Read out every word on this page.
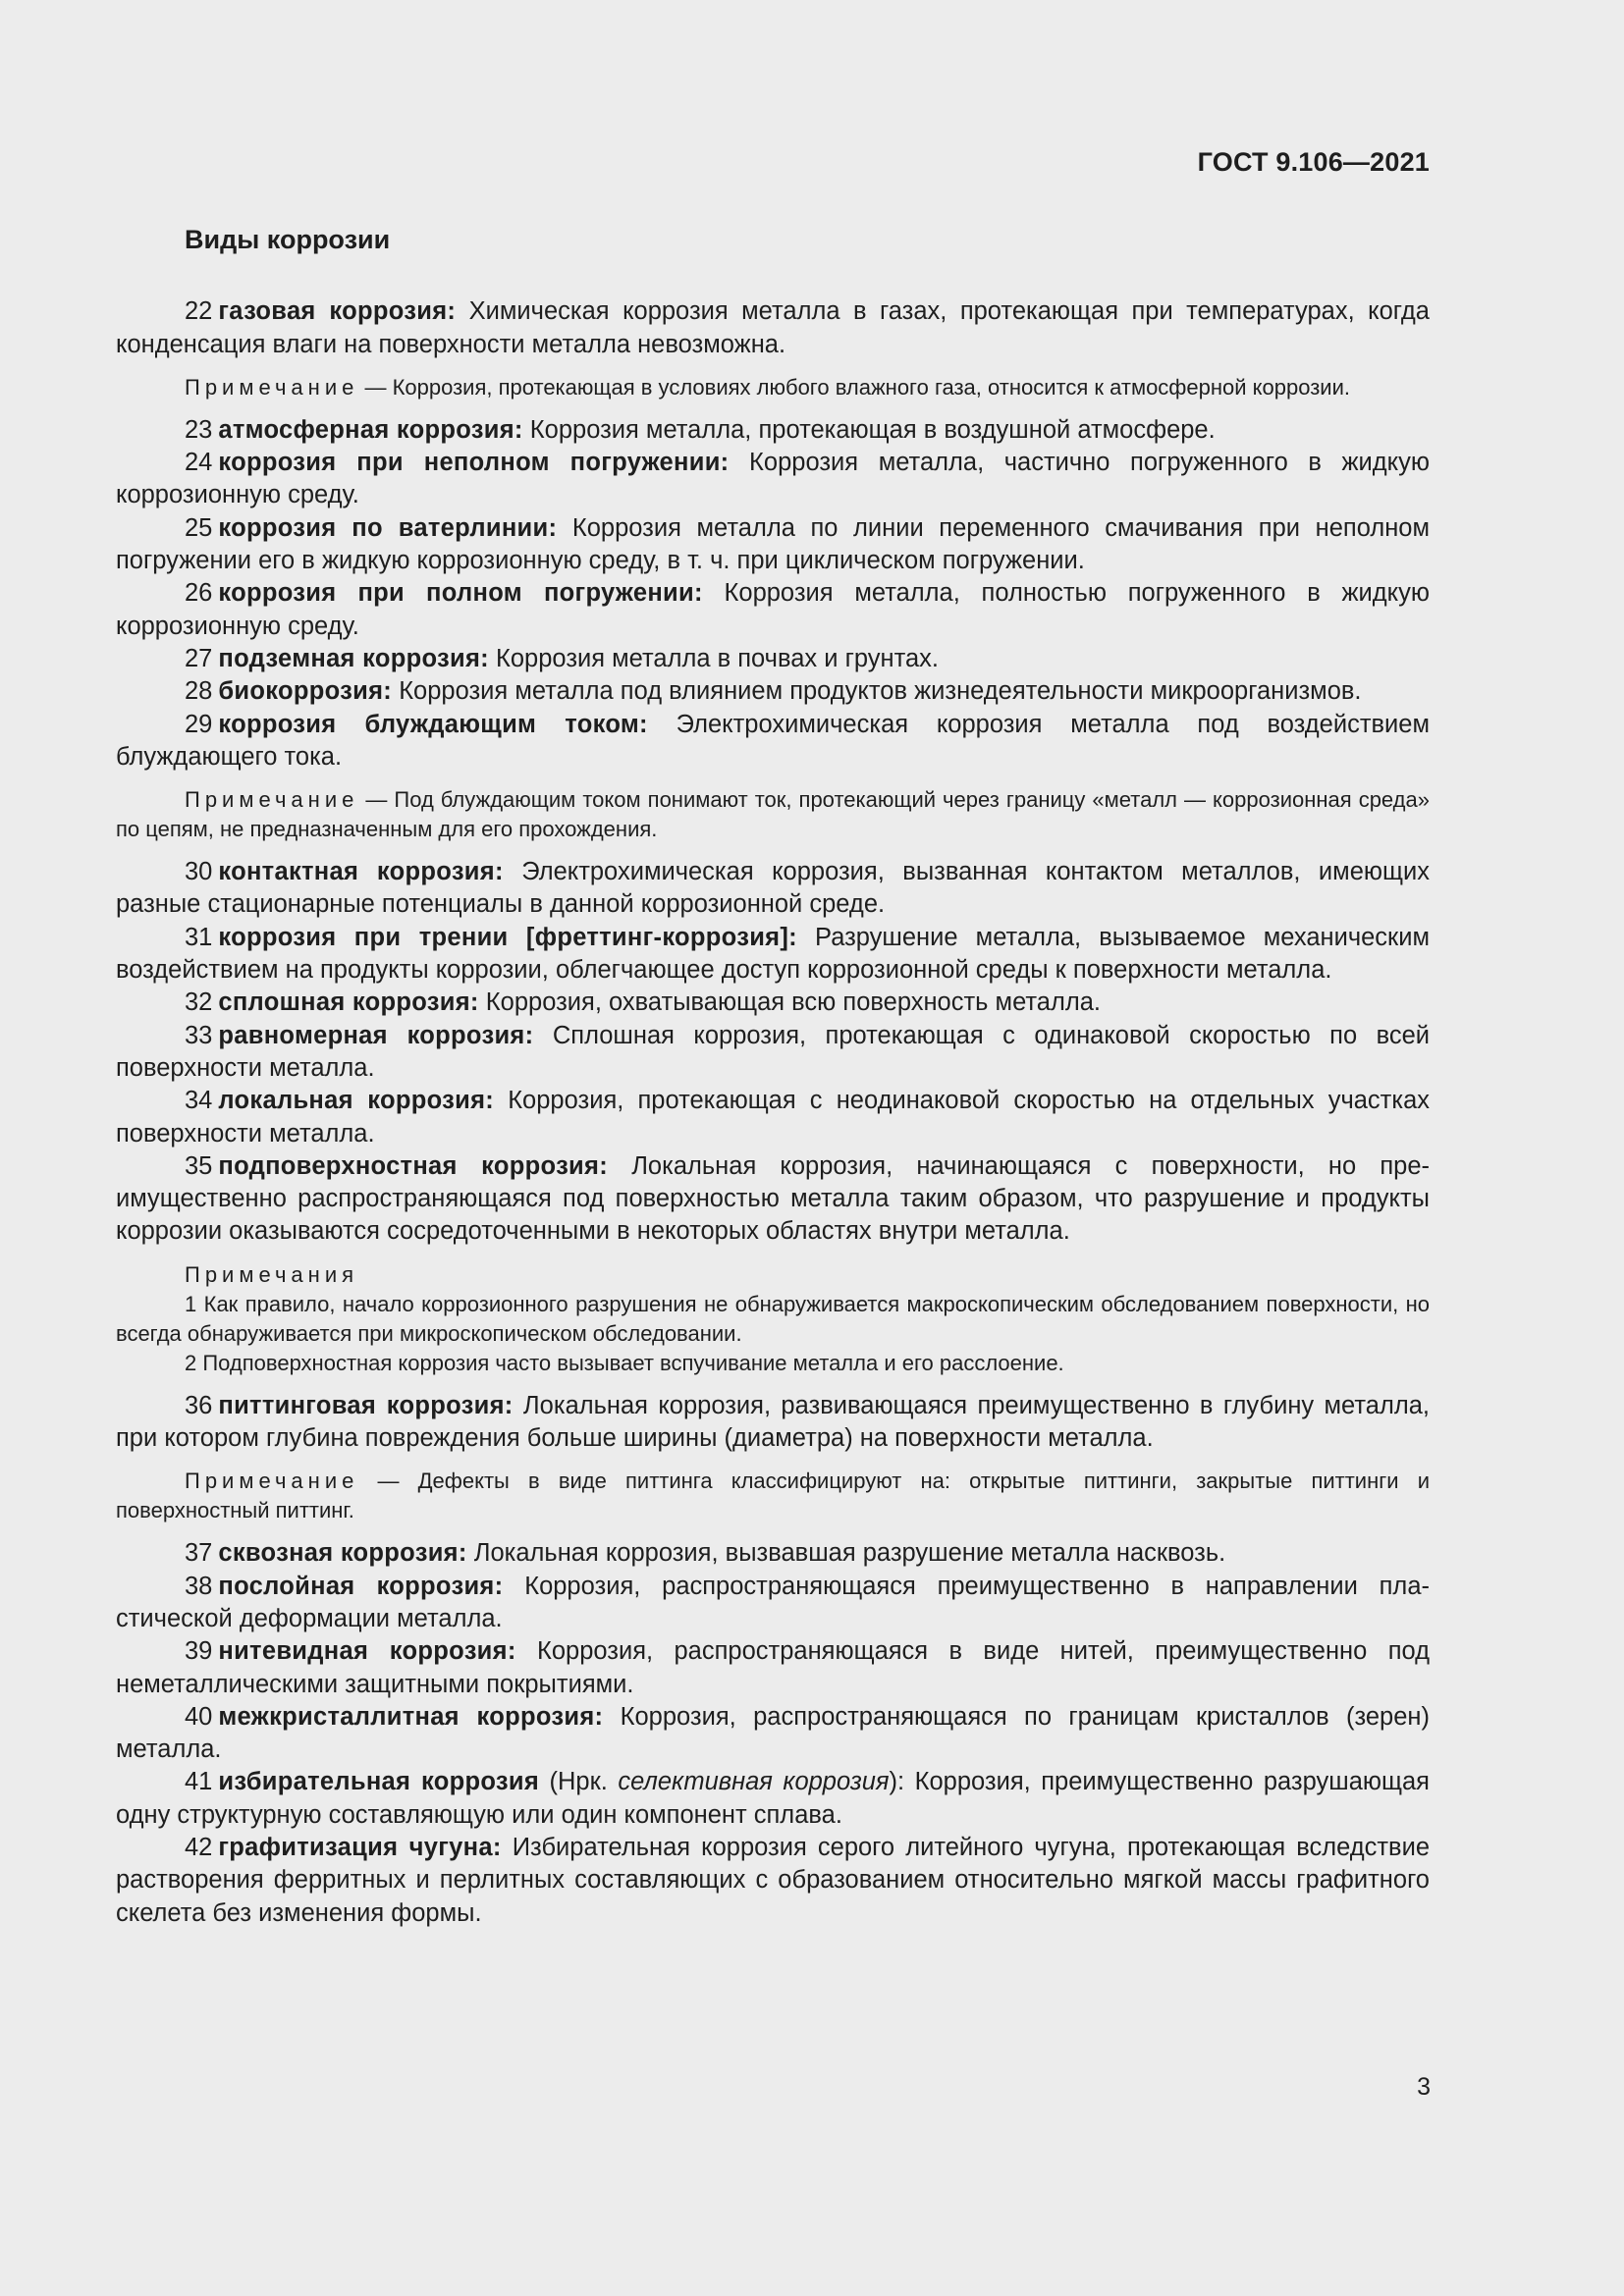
ГОСТ 9.106—2021

Виды коррозии

22 газовая коррозия: Химическая коррозия металла в газах, протекающая при температурах, когда конденсация влаги на поверхности металла невозможна.

Примечание — Коррозия, протекающая в условиях любого влажного газа, относится к атмосферной коррозии.

23 атмосферная коррозия: Коррозия металла, протекающая в воздушной атмосфере.

24 коррозия при неполном погружении: Коррозия металла, частично погруженного в жидкую коррозионную среду.

25 коррозия по ватерлинии: Коррозия металла по линии переменного смачивания при неполном погружении его в жидкую коррозионную среду, в т. ч. при циклическом погружении.

26 коррозия при полном погружении: Коррозия металла, полностью погруженного в жидкую коррозионную среду.

27 подземная коррозия: Коррозия металла в почвах и грунтах.

28 биокоррозия: Коррозия металла под влиянием продуктов жизнедеятельности микроорганизмов.

29 коррозия блуждающим током: Электрохимическая коррозия металла под воздействием блуждающего тока.

Примечание — Под блуждающим током понимают ток, протекающий через границу «металл — коррозионная среда» по цепям, не предназначенным для его прохождения.

30 контактная коррозия: Электрохимическая коррозия, вызванная контактом металлов, имеющих разные стационарные потенциалы в данной коррозионной среде.

31 коррозия при трении [фреттинг-коррозия]: Разрушение металла, вызываемое механическим воздействием на продукты коррозии, облегчающее доступ коррозионной среды к поверхности металла.

32 сплошная коррозия: Коррозия, охватывающая всю поверхность металла.

33 равномерная коррозия: Сплошная коррозия, протекающая с одинаковой скоростью по всей поверхности металла.

34 локальная коррозия: Коррозия, протекающая с неодинаковой скоростью на отдельных участках поверхности металла.

35 подповерхностная коррозия: Локальная коррозия, начинающаяся с поверхности, но преимущественно распространяющаяся под поверхностью металла таким образом, что разрушение и продукты коррозии оказываются сосредоточенными в некоторых областях внутри металла.

Примечания

1 Как правило, начало коррозионного разрушения не обнаруживается макроскопическим обследованием поверхности, но всегда обнаруживается при микроскопическом обследовании.

2 Подповерхностная коррозия часто вызывает вспучивание металла и его расслоение.

36 питтинговая коррозия: Локальная коррозия, развивающаяся преимущественно в глубину металла, при котором глубина повреждения больше ширины (диаметра) на поверхности металла.

Примечание — Дефекты в виде питтинга классифицируют на: открытые питтинги, закрытые питтинги и поверхностный питтинг.

37 сквозная коррозия: Локальная коррозия, вызвавшая разрушение металла насквозь.

38 послойная коррозия: Коррозия, распространяющаяся преимущественно в направлении пластической деформации металла.

39 нитевидная коррозия: Коррозия, распространяющаяся в виде нитей, преимущественно под неметаллическими защитными покрытиями.

40 межкристаллитная коррозия: Коррозия, распространяющаяся по границам кристаллов (зерен) металла.

41 избирательная коррозия (Нрк. селективная коррозия): Коррозия, преимущественно разрушающая одну структурную составляющую или один компонент сплава.

42 графитизация чугуна: Избирательная коррозия серого литейного чугуна, протекающая вследствие растворения ферритных и перлитных составляющих с образованием относительно мягкой массы графитного скелета без изменения формы.

3
